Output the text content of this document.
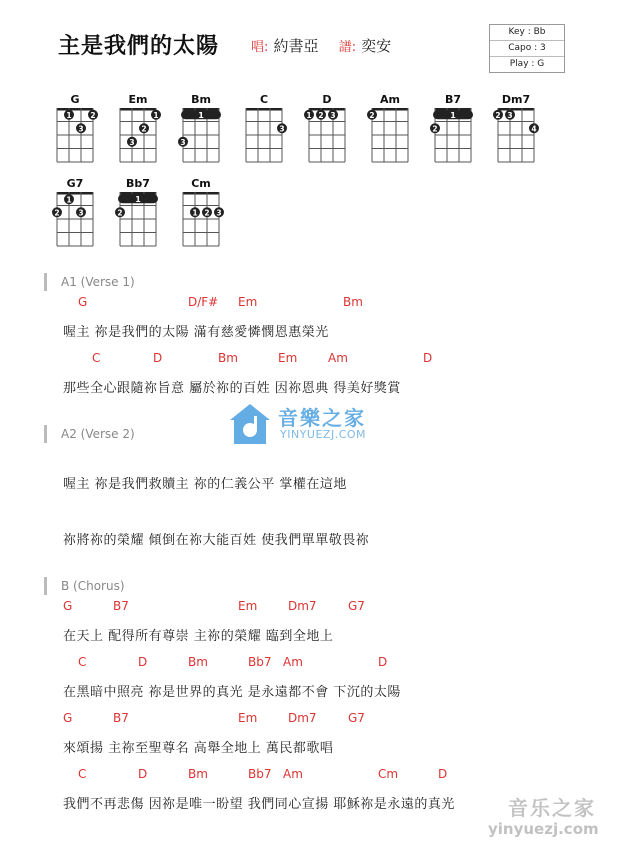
主是我們的太陽 唱: 約書亞 譜: 奕安
Key : Bb
Capo : 3
Play : G
G
1	2
3
Em
1
2
3
Bm
1
3
C
3
D
1 2 3
Am
2
B7
1
2
Dm7
2 3
4
G7
1
2	3
Bb7
1
2
Cm
1 2 3
A1 (Verse 1)
A2 (Verse 2)
B (Chorus)
G	D/F# Em	Bm
喔主 祢是我們的太陽 滿有慈愛憐憫恩惠榮光
C	D	Bm	Em	Am	D
那些全心跟隨祢旨意 屬於祢的百姓 因祢恩典 得美好獎賞
喔主 祢是我們救贖主 祢的仁義公平 掌權在這地
祢將祢的榮耀 傾倒在祢大能百姓 使我們單單敬畏祢
G	B7	Em	Dm7	G7
在天上 配得所有尊崇 主祢的榮耀 臨到全地上
C	D	Bm	Bb7 Am	D
在黑暗中照亮 祢是世界的真光 是永遠都不會 下沉的太陽
G	B7	Em	Dm7	G7
來頌揚 主祢至聖尊名 高舉全地上 萬民都歌唱
C	D	Bm	Bb7 Am	Cm	D
我們不再悲傷 因祢是唯一盼望 我們同心宣揚 耶穌祢是永遠的真光
音樂之家
YINYUEZJ.COM
音乐之家
yinyuezj.com
